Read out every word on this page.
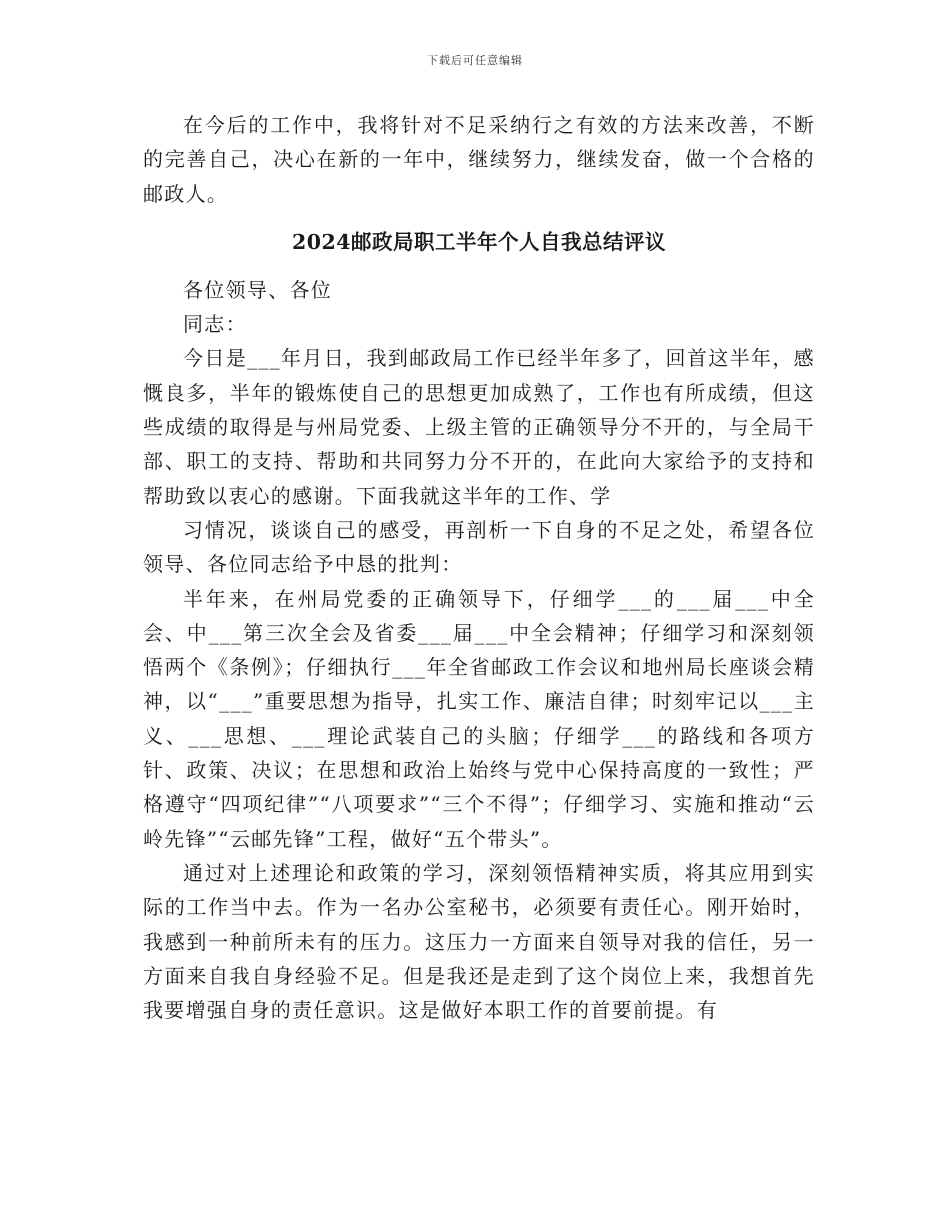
下载后可任意编辑

在今后的工作中，我将针对不足采纳行之有效的方法来改善，不断的完善自己，决心在新的一年中，继续努力，继续发奋，做一个合格的邮政人。

2024邮政局职工半年个人自我总结评议

各位领导、各位

同志：

今日是___年月日，我到邮政局工作已经半年多了，回首这半年，感慨良多，半年的锻炼使自己的思想更加成熟了，工作也有所成绩，但这些成绩的取得是与州局党委、上级主管的正确领导分不开的，与全局干部、职工的支持、帮助和共同努力分不开的，在此向大家给予的支持和帮助致以衷心的感谢。下面我就这半年的工作、学

习情况，谈谈自己的感受，再剖析一下自身的不足之处，希望各位领导、各位同志给予中恳的批判：

半年来，在州局党委的正确领导下，仔细学___的___届___中全会、中___第三次全会及省委___届___中全会精神；仔细学习和深刻领悟两个《条例》；仔细执行___年全省邮政工作会议和地州局长座谈会精神，以“___”重要思想为指导，扎实工作、廉洁自律；时刻牢记以___主义、___思想、___理论武装自己的头脑；仔细学___的路线和各项方针、政策、决议；在思想和政治上始终与党中心保持高度的一致性；严格遵守“四项纪律”“八项要求”“三个不得”；仔细学习、实施和推动“云岭先锋”“云邮先锋”工程，做好“五个带头”。

通过对上述理论和政策的学习，深刻领悟精神实质，将其应用到实际的工作当中去。作为一名办公室秘书，必须要有责任心。刚开始时，我感到一种前所未有的压力。这压力一方面来自领导对我的信任，另一方面来自我自身经验不足。但是我还是走到了这个岗位上来，我想首先我要增强自身的责任意识。这是做好本职工作的首要前提。有
